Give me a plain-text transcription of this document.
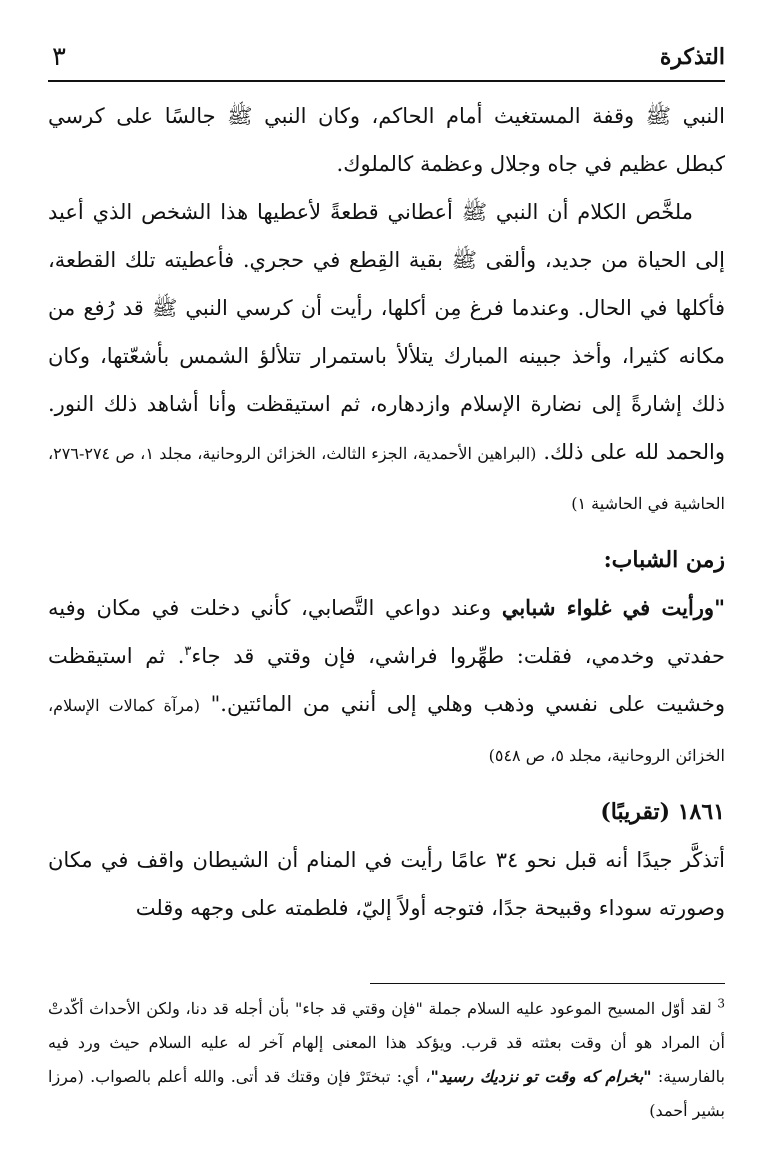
التذكرة
٣

النبي ﷺ وقفة المستغيث أمام الحاكم، وكان النبي ﷺ جالسًا على كرسي كبطل عظيم في جاه وجلال وعظمة كالملوك.

ملخَّص الكلام أن النبي ﷺ أعطاني قطعةً لأعطيها هذا الشخص الذي أعيد إلى الحياة من جديد، وألقى ﷺ بقية القِطع في حجري. فأعطيته تلك القطعة، فأكلها في الحال. وعندما فرغ مِن أكلها، رأيت أن كرسي النبي ﷺ قد رُفع من مكانه كثيرا، وأخذ جبينه المبارك يتلألأ باستمرار تتلألؤ الشمس بأشعّتها، وكان ذلك إشارةً إلى نضارة الإسلام وازدهاره، ثم استيقظت وأنا أشاهد ذلك النور. والحمد لله على ذلك. (البراهين الأحمدية، الجزء الثالث، الخزائن الروحانية، مجلد ١، ص ٢٧٤-٢٧٦، الحاشية في الحاشية ١)

زمن الشباب:

"ورأيت في غلواء شبابي وعند دواعي التَّصابي، كأني دخلت في مكان وفيه حفدتي وخدمي، فقلت: طهِّروا فراشي، فإن وقتي قد جاء$^٣$. ثم استيقظت وخشيت على نفسي وذهب وهلي إلى أنني من المائتين." (مرآة كمالات الإسلام، الخزائن الروحانية، مجلد ٥، ص ٥٤٨)

١٨٦١ (تقريبًا)

أتذكَّر جيدًا أنه قبل نحو ٣٤ عامًا رأيت في المنام أن الشيطان واقف في مكان وصورته سوداء وقبيحة جدًا، فتوجه أولاً إليّ، فلطمته على وجهه وقلت

$^3$ لقد أوّل المسيح الموعود عليه السلام جملة "فإن وقتي قد جاء" بأن أجله قد دنا، ولكن الأحداث أكّدتْ أن المراد هو أن وقت بعثته قد قرب. ويؤكد هذا المعنى إلهام آخر له عليه السلام حيث ورد فيه بالفارسية: "بخرام كه وقت تو نزديك رسيد"، أي: تبختَرْ فإن وقتك قد أتى. والله أعلم بالصواب. (مرزا بشير أحمد)
